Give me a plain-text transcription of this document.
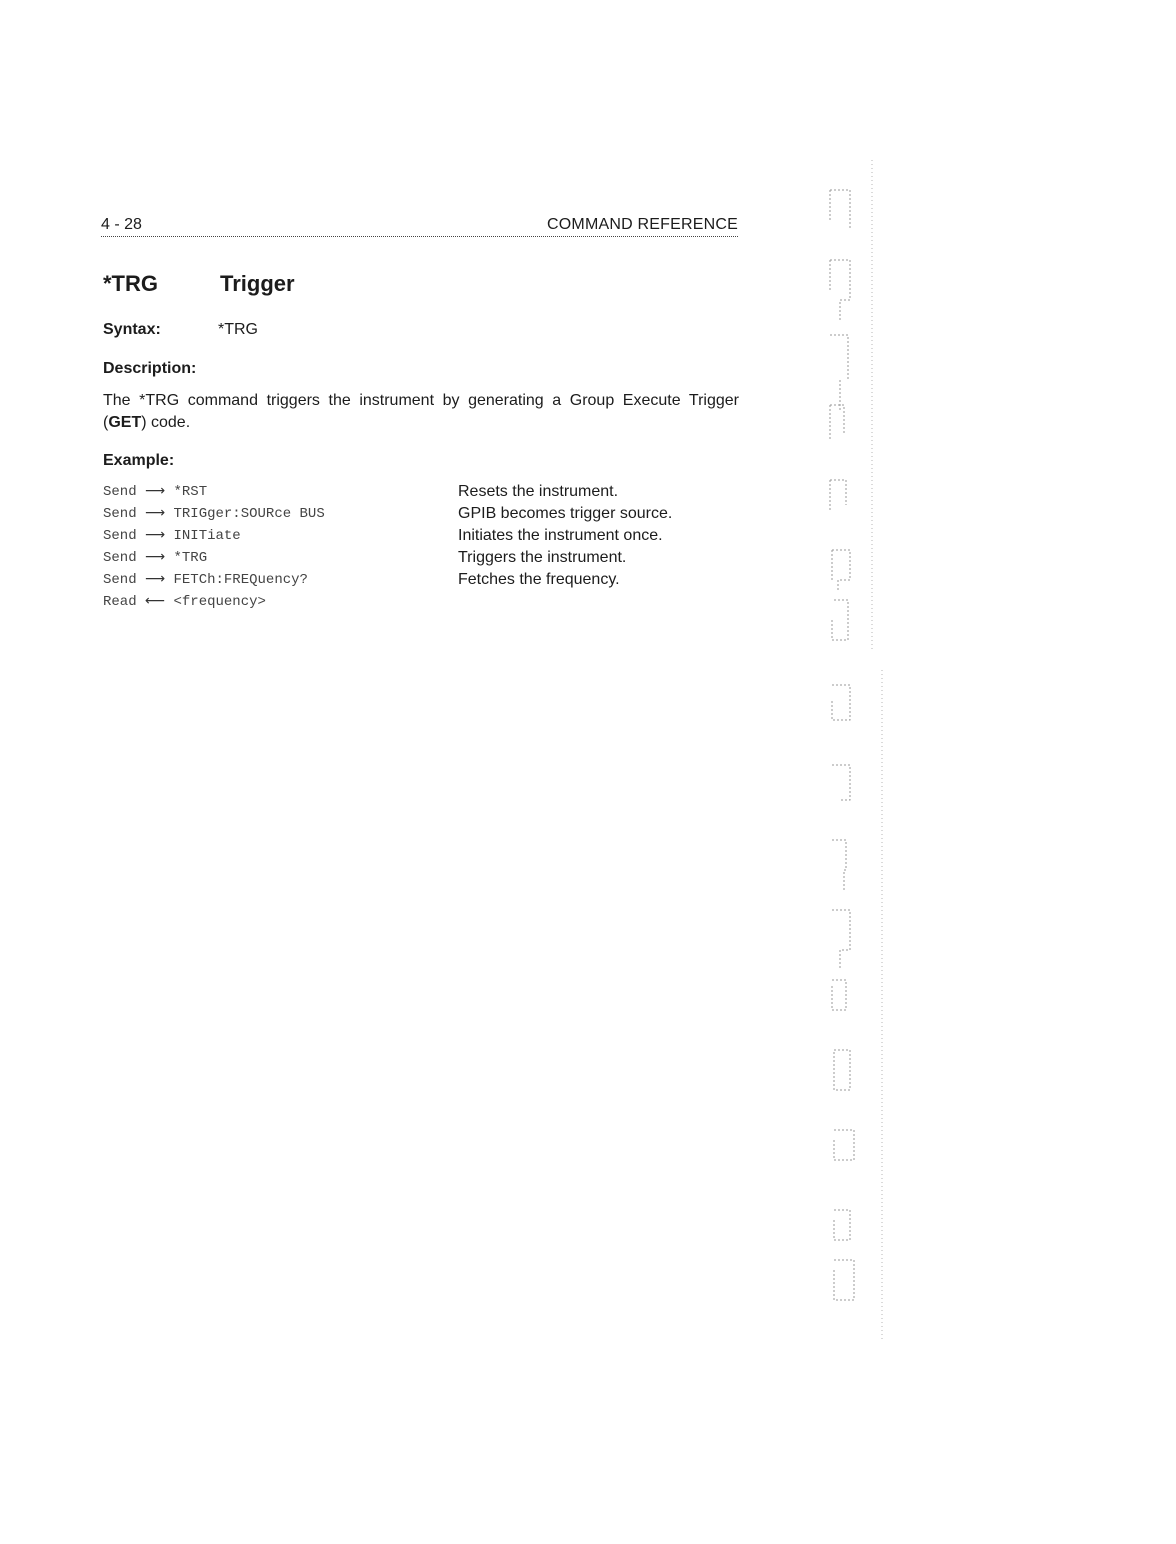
4 - 28	COMMAND REFERENCE
*TRG	Trigger
Syntax:	*TRG
Description:
The *TRG command triggers the instrument by generating a Group Execute Trigger (GET) code.
Example:
Send ⟶ *RST	Resets the instrument.
Send ⟶ TRIGger:SOURce BUS	GPIB becomes trigger source.
Send ⟶ INITiate	Initiates the instrument once.
Send ⟶ *TRG	Triggers the instrument.
Send ⟶ FETCh:FREQuency?	Fetches the frequency.
Read ⟵ <frequency>
